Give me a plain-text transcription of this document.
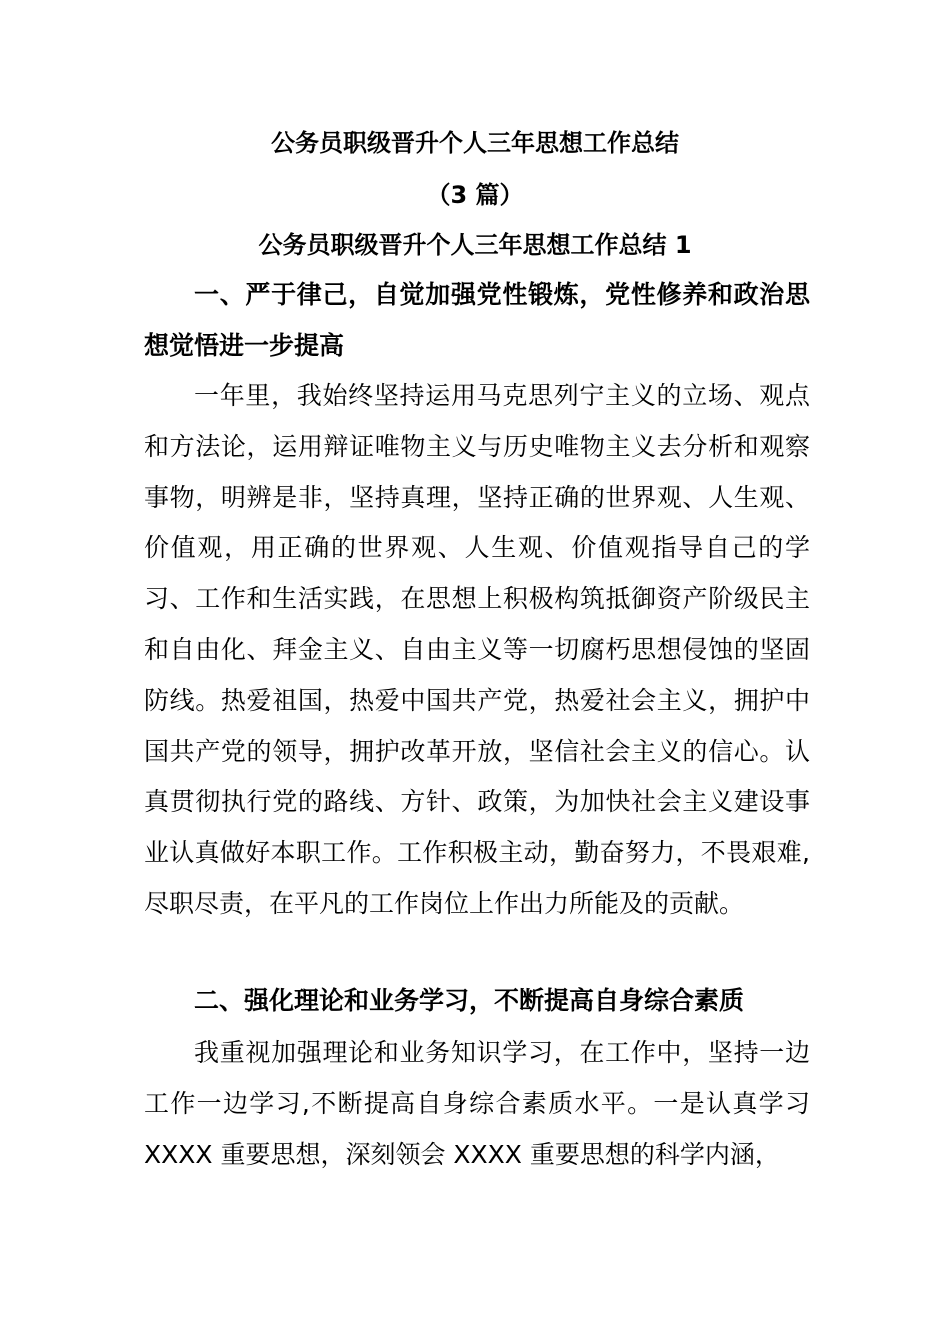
公务员职级晋升个人三年思想工作总结
（3 篇）
公务员职级晋升个人三年思想工作总结 1

一、严于律己，自觉加强党性锻炼，党性修养和政治思想觉悟进一步提高

一年里，我始终坚持运用马克思列宁主义的立场、观点和方法论，运用辩证唯物主义与历史唯物主义去分析和观察事物，明辨是非，坚持真理，坚持正确的世界观、人生观、价值观，用正确的世界观、人生观、价值观指导自己的学习、工作和生活实践，在思想上积极构筑抵御资产阶级民主和自由化、拜金主义、自由主义等一切腐朽思想侵蚀的坚固防线。热爱祖国，热爱中国共产党，热爱社会主义，拥护中国共产党的领导，拥护改革开放，坚信社会主义的信心。认真贯彻执行党的路线、方针、政策，为加快社会主义建设事业认真做好本职工作。工作积极主动，勤奋努力，不畏艰难,尽职尽责，在平凡的工作岗位上作出力所能及的贡献。

二、强化理论和业务学习，不断提高自身综合素质

我重视加强理论和业务知识学习，在工作中，坚持一边工作一边学习,不断提高自身综合素质水平。一是认真学习 XXXX 重要思想，深刻领会 XXXX 重要思想的科学内涵，
